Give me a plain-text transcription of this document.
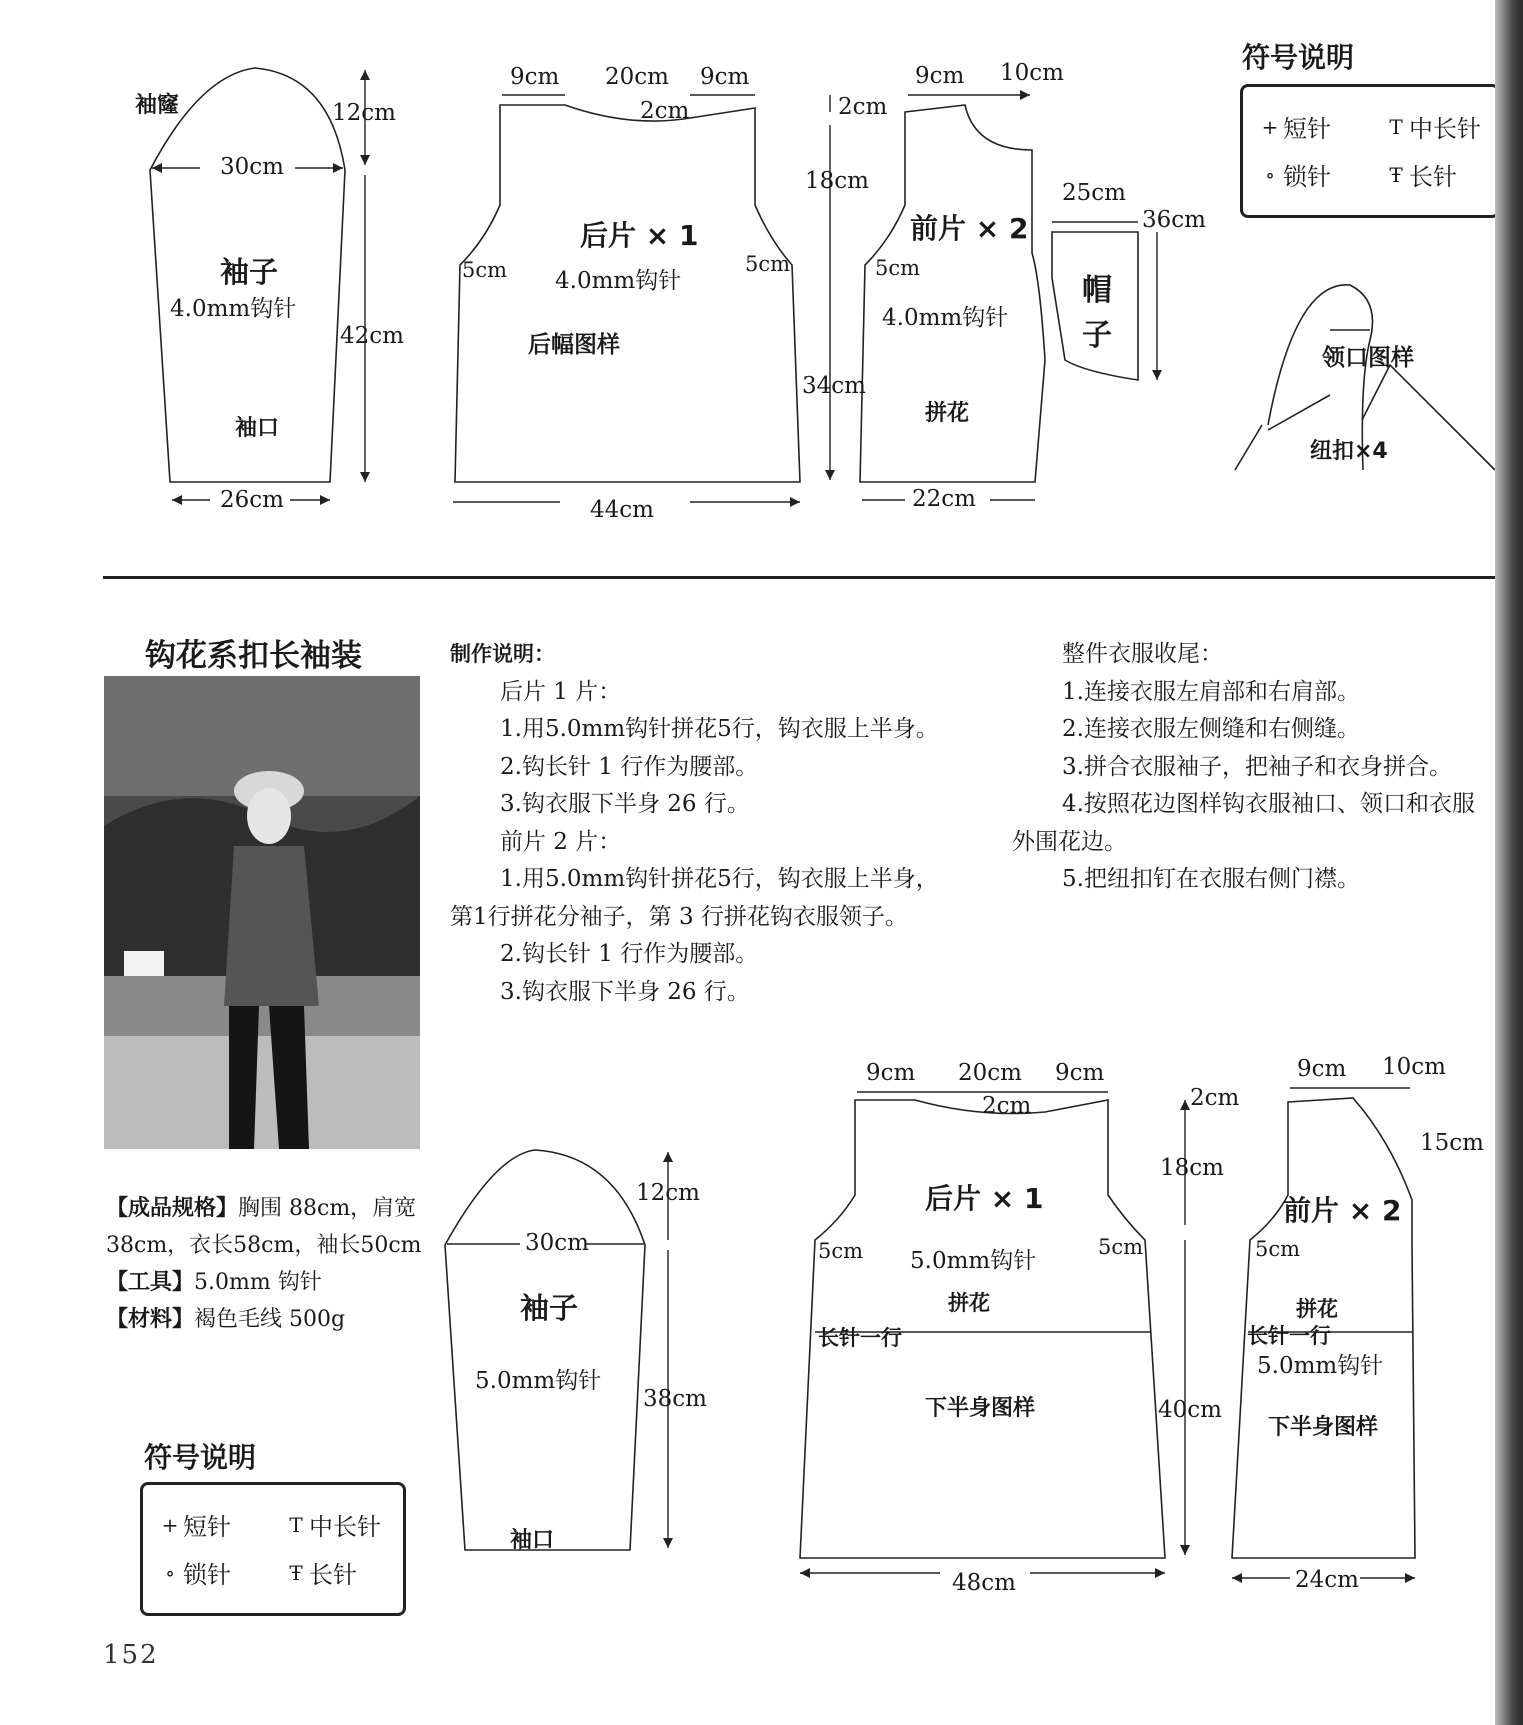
袖窿	12cm
30cm
袖子
4.0mm钩针
42cm
袖口
26cm
9cm 20cm 9cm
2cm
后片 × 1
4.0mm钩针
5cm	5cm
后幅图样
44cm
2cm
9cm 10cm
18cm
34cm
前片 × 2
5cm
4.0mm钩针
拼花
22cm
25cm
36cm
帽
子
领口图样
纽扣×4
符号说明
+ 短针	T 中长针
∘ 锁针	Ŧ 长针
钩花系扣长袖装
【成品规格】胸围 88cm，肩宽
38cm，衣长58cm，袖长50cm
【工具】5.0mm 钩针
【材料】褐色毛线 500g
符号说明
+ 短针	T 中长针
∘ 锁针	Ŧ 长针
制作说明：
后片 1 片：
1.用5.0mm钩针拼花5行，钩衣服上半身。
2.钩长针 1 行作为腰部。
3.钩衣服下半身 26 行。
前片 2 片：
1.用5.0mm钩针拼花5行，钩衣服上半身，
第1行拼花分袖子，第 3 行拼花钩衣服领子。
2.钩长针 1 行作为腰部。
3.钩衣服下半身 26 行。
整件衣服收尾：
1.连接衣服左肩部和右肩部。
2.连接衣服左侧缝和右侧缝。
3.拼合衣服袖子，把袖子和衣身拼合。
4.按照花边图样钩衣服袖口、领口和衣服
外围花边。
5.把纽扣钉在衣服右侧门襟。
12cm
30cm
袖子
5.0mm钩针
38cm
袖口
9cm 20cm 9cm
2cm
后片 × 1
5.0mm钩针
5cm	5cm
拼花
长针一行
下半身图样
48cm
2cm
18cm
40cm
9cm 10cm
15cm
前片 × 2
5cm
拼花
长针一行
5.0mm钩针
下半身图样
24cm
152
